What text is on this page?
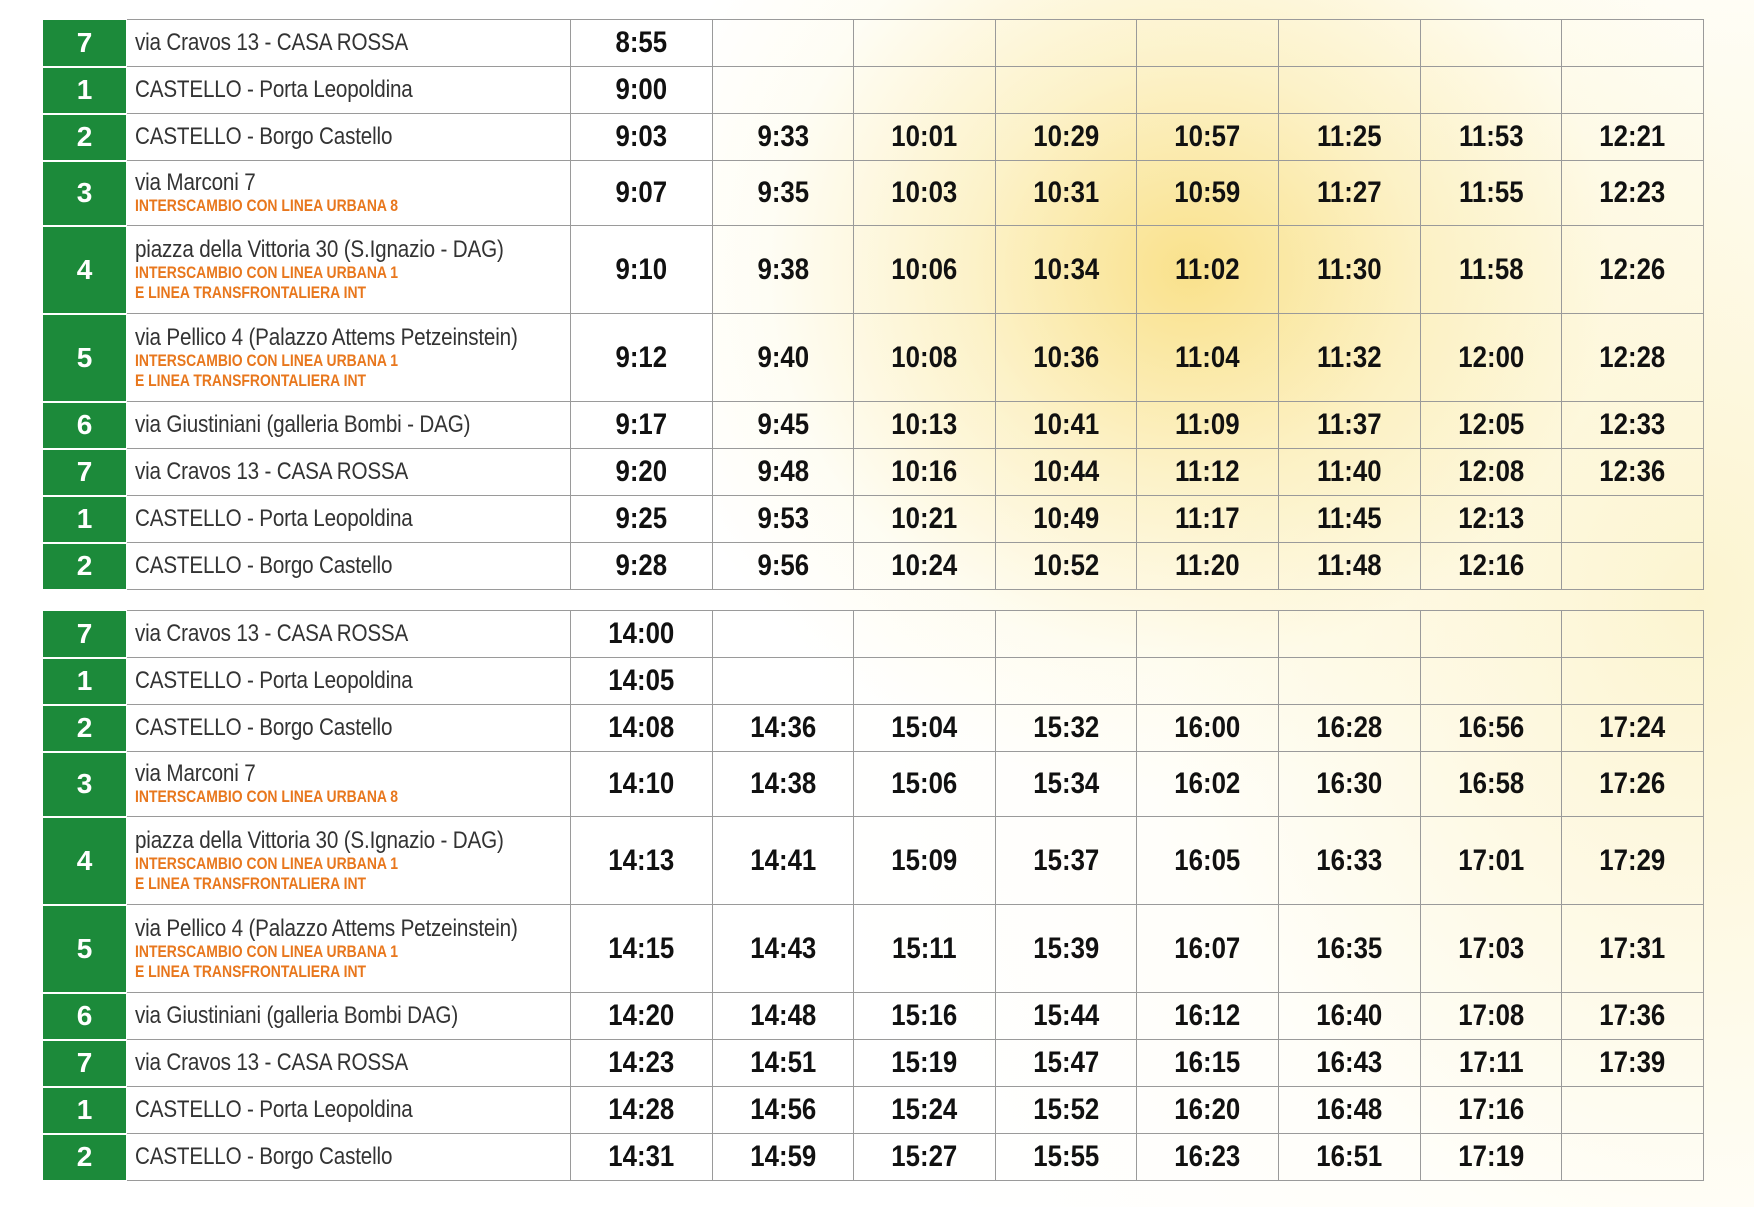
7	via Cravos 13 - CASA ROSSA	8:55							

1	CASTELLO - Porta Leopoldina	9:00							

2	CASTELLO - Borgo Castello	9:03	9:33	10:01	10:29	10:57	11:25	11:53	12:21

3	via Marconi 7
INTERSCAMBIO CON LINEA URBANA 8	9:07	9:35	10:03	10:31	10:59	11:27	11:55	12:23

4	piazza della Vittoria 30 (S.Ignazio - DAG)
INTERSCAMBIO CON LINEA URBANA 1
E LINEA TRANSFRONTALIERA INT	9:10	9:38	10:06	10:34	11:02	11:30	11:58	12:26

5	via Pellico 4 (Palazzo Attems Petzeinstein)
INTERSCAMBIO CON LINEA URBANA 1
E LINEA TRANSFRONTALIERA INT	9:12	9:40	10:08	10:36	11:04	11:32	12:00	12:28

6	via Giustiniani (galleria Bombi - DAG)	9:17	9:45	10:13	10:41	11:09	11:37	12:05	12:33

7	via Cravos 13 - CASA ROSSA	9:20	9:48	10:16	10:44	11:12	11:40	12:08	12:36

1	CASTELLO - Porta Leopoldina	9:25	9:53	10:21	10:49	11:17	11:45	12:13	

2	CASTELLO - Borgo Castello	9:28	9:56	10:24	10:52	11:20	11:48	12:16	

7	via Cravos 13 - CASA ROSSA	14:00							

1	CASTELLO - Porta Leopoldina	14:05							

2	CASTELLO - Borgo Castello	14:08	14:36	15:04	15:32	16:00	16:28	16:56	17:24

3	via Marconi 7
INTERSCAMBIO CON LINEA URBANA 8	14:10	14:38	15:06	15:34	16:02	16:30	16:58	17:26

4	piazza della Vittoria 30 (S.Ignazio - DAG)
INTERSCAMBIO CON LINEA URBANA 1
E LINEA TRANSFRONTALIERA INT	14:13	14:41	15:09	15:37	16:05	16:33	17:01	17:29

5	via Pellico 4 (Palazzo Attems Petzeinstein)
INTERSCAMBIO CON LINEA URBANA 1
E LINEA TRANSFRONTALIERA INT	14:15	14:43	15:11	15:39	16:07	16:35	17:03	17:31

6	via Giustiniani (galleria Bombi DAG)	14:20	14:48	15:16	15:44	16:12	16:40	17:08	17:36

7	via Cravos 13 - CASA ROSSA	14:23	14:51	15:19	15:47	16:15	16:43	17:11	17:39

1	CASTELLO - Porta Leopoldina	14:28	14:56	15:24	15:52	16:20	16:48	17:16	

2	CASTELLO - Borgo Castello	14:31	14:59	15:27	15:55	16:23	16:51	17:19	
